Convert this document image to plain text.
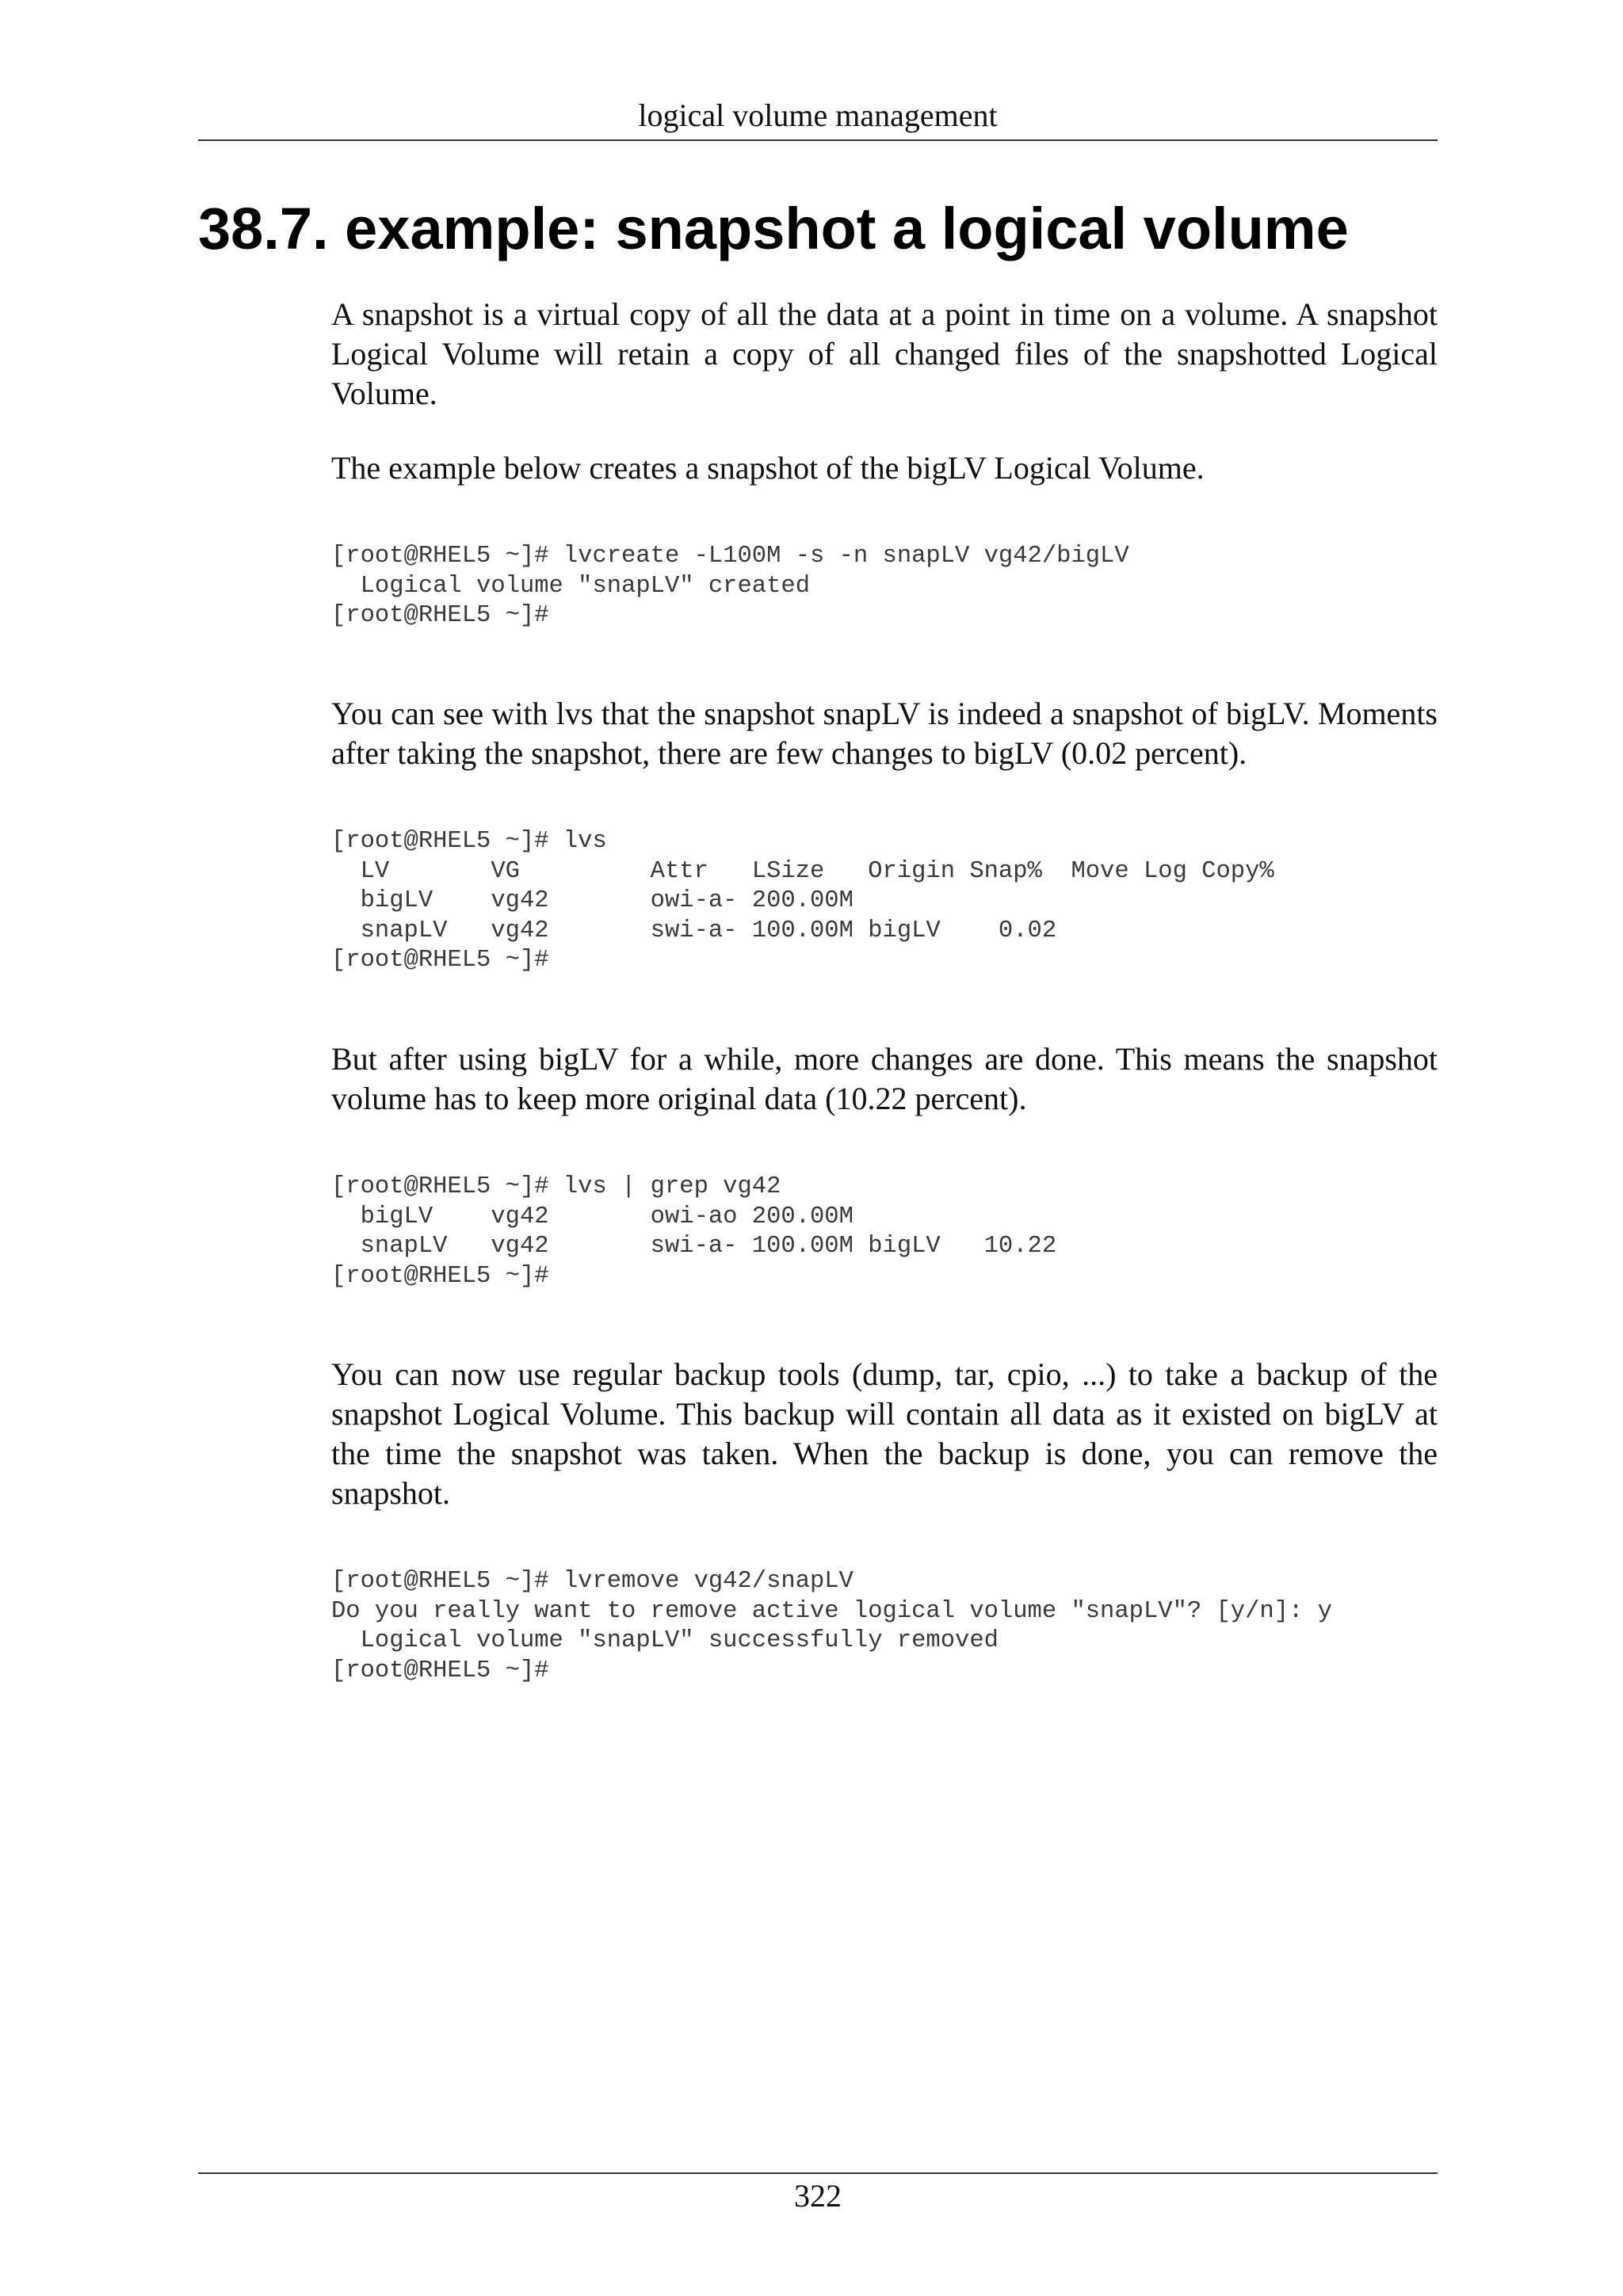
logical volume management
38.7. example: snapshot a logical volume

A snapshot is a virtual copy of all the data at a point in time on a volume. A snapshot Logical Volume will retain a copy of all changed files of the snapshotted Logical Volume.

The example below creates a snapshot of the bigLV Logical Volume.

[root@RHEL5 ~]# lvcreate -L100M -s -n snapLV vg42/bigLV
Logical volume "snapLV" created
[root@RHEL5 ~]#

You can see with lvs that the snapshot snapLV is indeed a snapshot of bigLV. Moments after taking the snapshot, there are few changes to bigLV (0.02 percent).

[root@RHEL5 ~]# lvs
LV       VG         Attr   LSize   Origin Snap%  Move Log Copy%
bigLV    vg42       owi-a- 200.00M
snapLV   vg42       swi-a- 100.00M bigLV    0.02
[root@RHEL5 ~]#

But after using bigLV for a while, more changes are done. This means the snapshot volume has to keep more original data (10.22 percent).

[root@RHEL5 ~]# lvs | grep vg42
bigLV    vg42       owi-ao 200.00M
snapLV   vg42       swi-a- 100.00M bigLV   10.22
[root@RHEL5 ~]#

You can now use regular backup tools (dump, tar, cpio, ...) to take a backup of the snapshot Logical Volume. This backup will contain all data as it existed on bigLV at the time the snapshot was taken. When the backup is done, you can remove the snapshot.

[root@RHEL5 ~]# lvremove vg42/snapLV
Do you really want to remove active logical volume "snapLV"? [y/n]: y
Logical volume "snapLV" successfully removed
[root@RHEL5 ~]#
322
